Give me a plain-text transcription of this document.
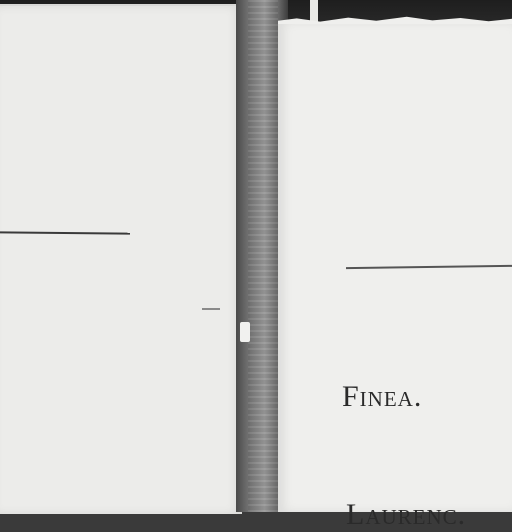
Finea.
Laurenc.
